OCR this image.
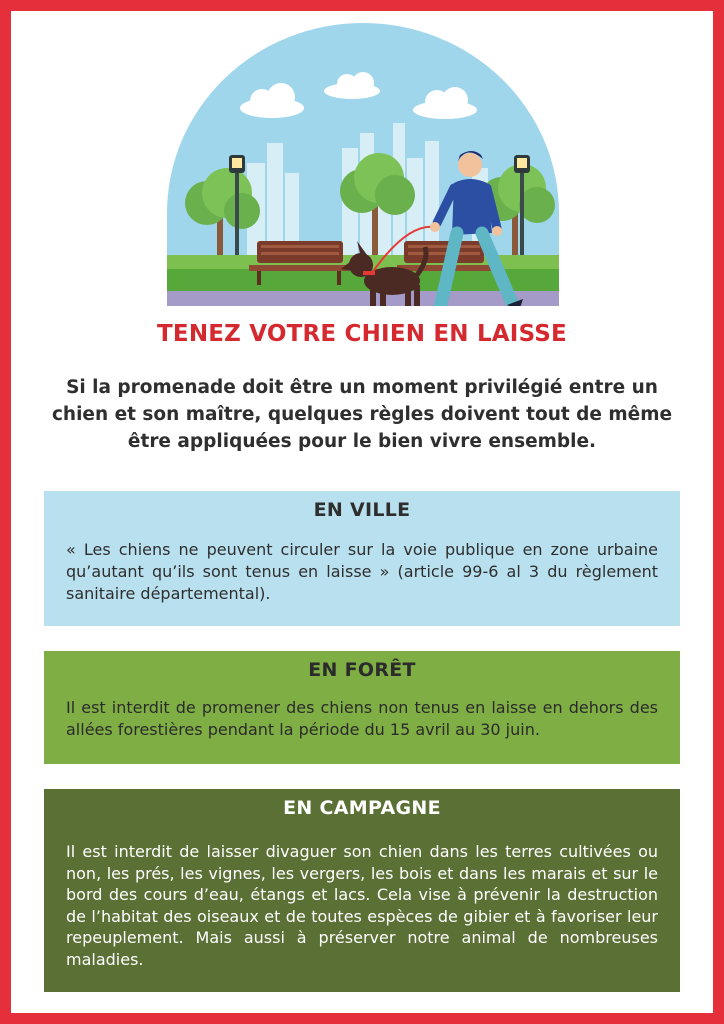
TENEZ VOTRE CHIEN EN LAISSE
Si la promenade doit être un moment privilégié entre un chien et son maître, quelques règles doivent tout de même être appliquées pour le bien vivre ensemble.
EN VILLE

« Les chiens ne peuvent circuler sur la voie publique en zone urbaine qu’autant qu’ils sont tenus en laisse » (article 99-6 al 3 du règlement sanitaire départemental).

EN FORÊT

Il est interdit de promener des chiens non tenus en laisse en dehors des allées forestières pendant la période du 15 avril au 30 juin.

EN CAMPAGNE

Il est interdit de laisser divaguer son chien dans les terres cultivées ou non, les prés, les vignes, les vergers, les bois et dans les marais et sur le bord des cours d’eau, étangs et lacs. Cela vise à prévenir la destruction de l’habitat des oiseaux et de toutes espèces de gibier et à favoriser leur repeuplement. Mais aussi à préserver notre animal de nombreuses maladies.
